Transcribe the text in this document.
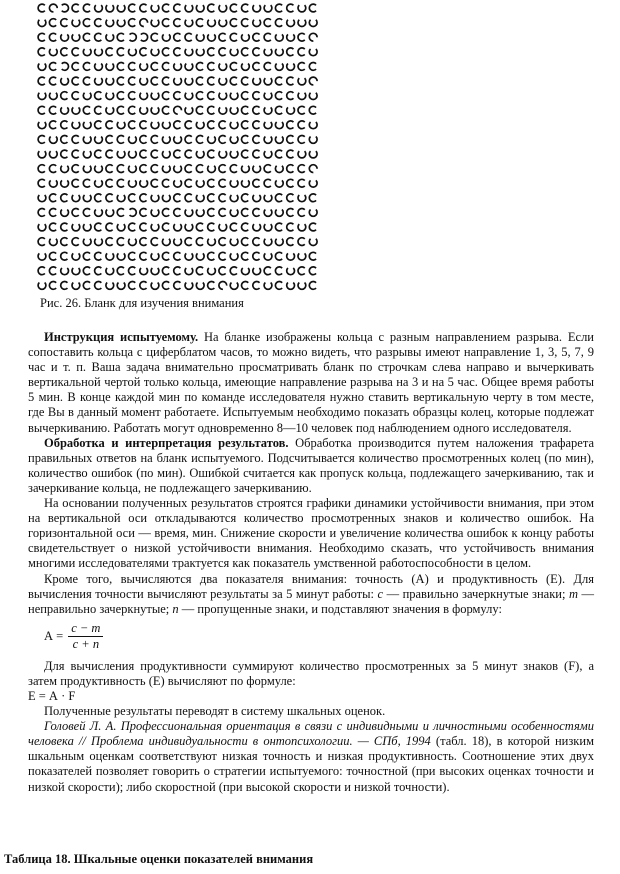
Рис. 26. Бланк для изучения внимания

Инструкция испытуемому. На бланке изображены кольца с разным направлением разрыва. Если сопоставить кольца с циферблатом часов, то можно видеть, что разрывы имеют направление 1, 3, 5, 7, 9 час и т. п. Ваша задача внимательно просматривать бланк по строчкам слева направо и вычеркивать вертикальной чертой только кольца, имеющие направление разрыва на 3 и на 5 час. Общее время работы 5 мин. В конце каждой мин по команде исследователя нужно ставить вертикальную черту в том месте, где Вы в данный момент работаете. Испытуемым необходимо показать образцы колец, которые подлежат вычеркиванию. Работать могут одновременно 8—10 человек под наблюдением одного исследователя.

Обработка и интерпретация результатов. Обработка производится путем наложения трафарета правильных ответов на бланк испытуемого. Подсчитывается количество просмотренных колец (по мин), количество ошибок (по мин). Ошибкой считается как пропуск кольца, подлежащего зачеркиванию, так и зачеркивание кольца, не подлежащего зачеркиванию.

На основании полученных результатов строятся графики динамики устойчивости внимания, при этом на вертикальной оси откладываются количество просмотренных знаков и количество ошибок. На горизонтальной оси — время, мин. Снижение скорости и увеличение количества ошибок к концу работы свидетельствует о низкой устойчивости внимания. Необходимо сказать, что устойчивость внимания многими исследователями трактуется как показатель умственной работоспособности в целом.

Кроме того, вычисляются два показателя внимания: точность (А) и продуктивность (Е). Для вычисления точности вычисляют результаты за 5 минут работы: с — правильно зачеркнутые знаки; т — неправильно зачеркнутые; п — пропущенные знаки, и подставляют значения в формулу:

$А = \frac{с - т}{с + п}$

Для вычисления продуктивности суммируют количество просмотренных за 5 минут знаков (F), а затем продуктивность (Е) вычисляют по формуле:

Е = А · F

Полученные результаты переводят в систему шкальных оценок.

Головей Л. А. Профессиональная ориентация в связи с индивидными и личностными особенностями человека // Проблема индивидуальности в онтопсихологии. — СПб, 1994 (табл. 18), в которой низким шкальным оценкам соответствуют низкая точность и низкая продуктивность. Соотношение этих двух показателей позволяет говорить о стратегии испытуемого: точностной (при высоких оценках точности и низкой скорости); либо скоростной (при высокой скорости и низкой точности).

Таблица 18. Шкальные оценки показателей внимания
